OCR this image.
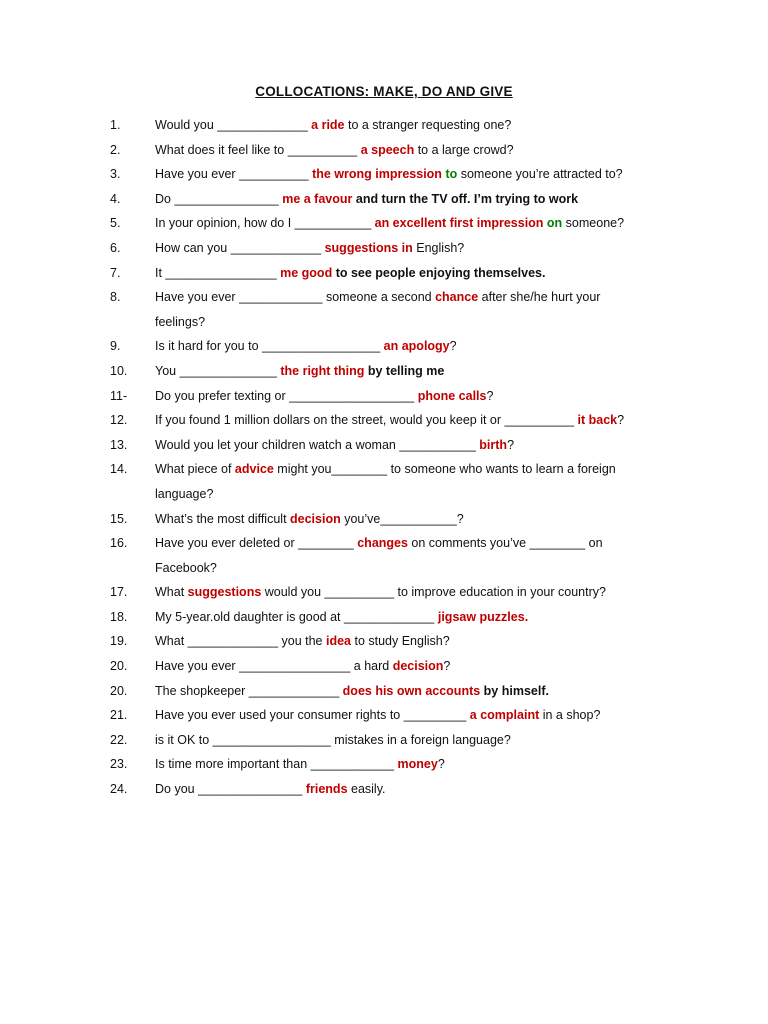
COLLOCATIONS: MAKE, DO AND GIVE
1.	Would you _____________ a ride to a stranger requesting one?
2.	What does it feel like to __________ a speech to a large crowd?
3.	Have you ever __________ the wrong impression to someone you’re attracted to?
4.	Do _______________ me a favour and turn the TV off. I’m trying to work
5.	In your opinion, how do I ___________ an excellent first impression on someone?
6.	How can you _____________ suggestions in English?
7.	It ________________ me good to see people enjoying themselves.
8.	Have you ever ____________ someone a second chance after she/he hurt your
feelings?
9.	Is it hard for you to _________________ an apology?
10. You ______________ the right thing by telling me
11- Do you prefer texting or __________________ phone calls?
12. If you found 1 million dollars on the street, would you keep it or __________ it back?
13. Would you let your children watch a woman ___________ birth?
14. What piece of advice might you________ to someone who wants to learn a foreign
language?
15. What’s the most difficult decision you’ve___________?
16. Have you ever deleted or ________ changes on comments you’ve ________ on
Facebook?
17. What suggestions would you __________ to improve education in your country?
18. My 5-year.old daughter is good at _____________ jigsaw puzzles.
19. What _____________ you the idea to study English?
20. Have you ever ________________ a hard decision?
20. The shopkeeper _____________ does his own accounts by himself.
21. Have you ever used your consumer rights to _________ a complaint in a shop?
22. is it OK to _________________ mistakes in a foreign language?
23. Is time more important than ____________ money?
24. Do you _______________ friends easily.
